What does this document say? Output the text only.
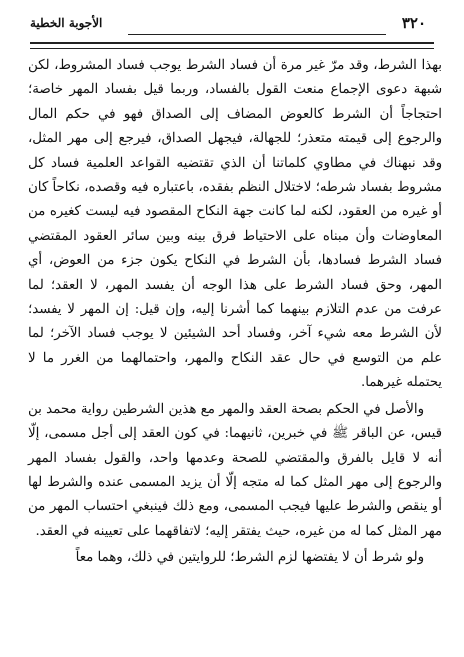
٣٢٠
الأجوبة الخطية

بهذا الشرط، وقد مرّ غير مرة أن فساد الشرط يوجب فساد المشروط، لكن شبهة دعوى الإجماع منعت القول بالفساد، وربما قيل بفساد المهر خاصة؛ احتجاجاً أن الشرط كالعوض المضاف إلى الصداق فهو في حكم المال والرجوع إلى قيمته متعذر؛ للجهالة، فيجهل الصداق، فيرجع إلى مهر المثل، وقد نبهناك في مطاوي كلماتنا أن الذي تقتضيه القواعد العلمية فساد كل مشروط بفساد شرطه؛ لاختلال النظم بفقده، باعتباره فيه وقصده، نكاحاً كان أو غيره من العقود، لكنه لما كانت جهة النكاح المقصود فيه ليست كغيره من المعاوضات وأن مبناه على الاحتياط فرق بينه وبين سائر العقود المقتضي فساد الشرط فسادها، بأن الشرط في النكاح يكون جزء من العوض، أي المهر، وحق فساد الشرط على هذا الوجه أن يفسد المهر، لا العقد؛ لما عرفت من عدم التلازم بينهما كما أشرنا إليه، وإن قيل: إن المهر لا يفسد؛ لأن الشرط معه شيء آخر، وفساد أحد الشيئين لا يوجب فساد الآخر؛ لما علم من التوسع في حال عقد النكاح والمهر، واحتمالهما من الغرر ما لا يحتمله غيرهما.

والأصل في الحكم بصحة العقد والمهر مع هذين الشرطين رواية محمد بن قيس، عن الباقر ﷺ في خبرين، ثانيهما: في كون العقد إلى أجل مسمى، إلّا أنه لا قايل بالفرق والمقتضي للصحة وعدمها واحد، والقول بفساد المهر والرجوع إلى مهر المثل كما له متجه إلّا أن يزيد المسمى عنده والشرط لها أو ينقص والشرط عليها فيجب المسمى، ومع ذلك فينبغي احتساب المهر من مهر المثل كما له من غيره، حيث يفتقر إليه؛ لاتفاقهما على تعيينه في العقد.

ولو شرط أن لا يفتضها لزم الشرط؛ للروايتين في ذلك، وهما معاً
